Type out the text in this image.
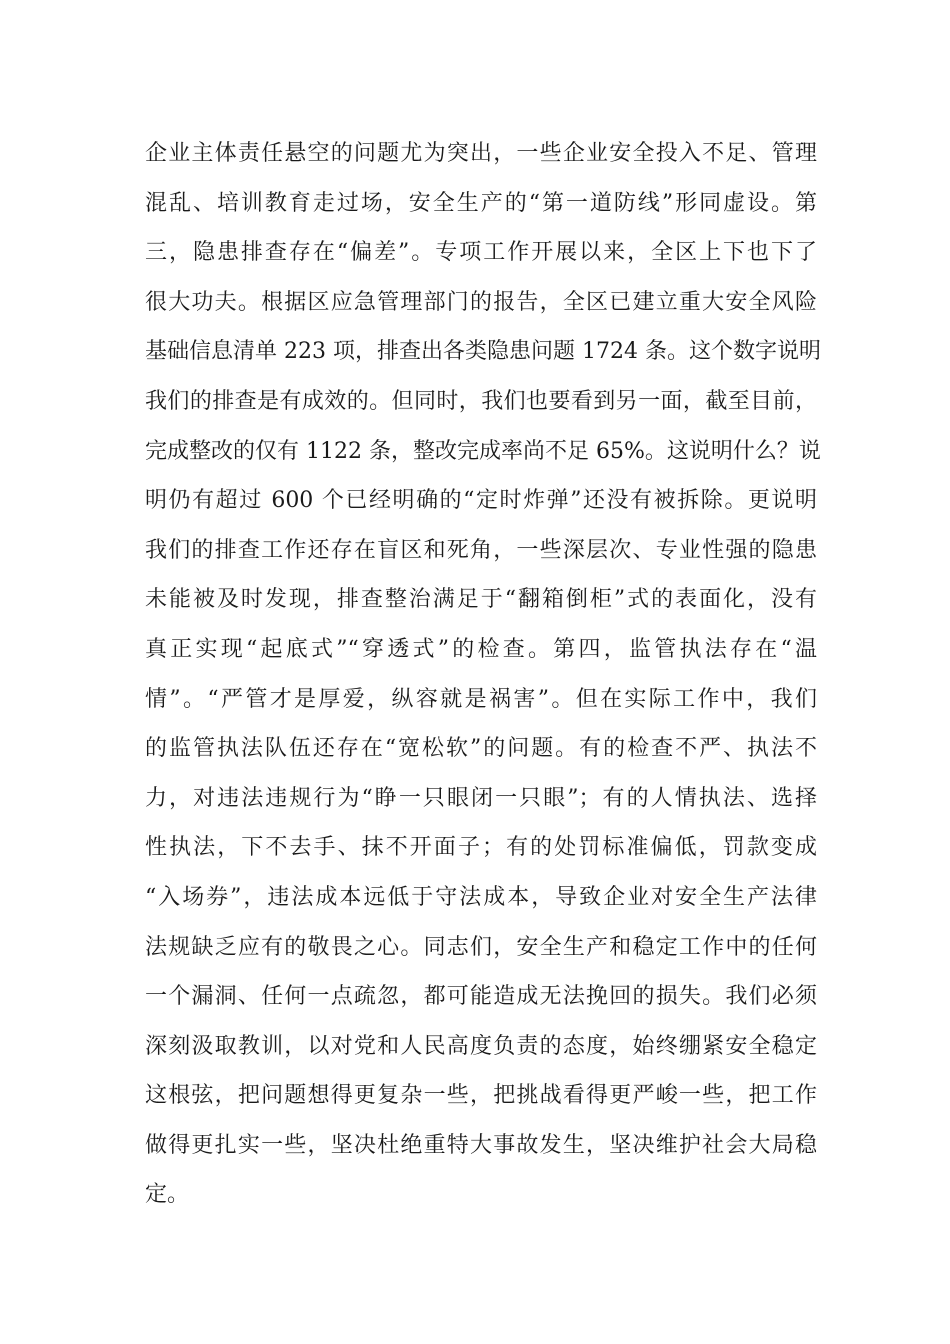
企业主体责任悬空的问题尤为突出，一些企业安全投入不足、管理
混乱、培训教育走过场，安全生产的“第一道防线”形同虚设。第
三，隐患排查存在“偏差”。专项工作开展以来，全区上下也下了
很大功夫。根据区应急管理部门的报告，全区已建立重大安全风险
基础信息清单 223 项，排查出各类隐患问题 1724 条。这个数字说明
我们的排查是有成效的。但同时，我们也要看到另一面，截至目前，
完成整改的仅有 1122 条，整改完成率尚不足 65%。这说明什么？说
明仍有超过 600 个已经明确的“定时炸弹”还没有被拆除。更说明
我们的排查工作还存在盲区和死角，一些深层次、专业性强的隐患
未能被及时发现，排查整治满足于“翻箱倒柜”式的表面化，没有
真正实现“起底式”“穿透式”的检查。第四，监管执法存在“温
情”。“严管才是厚爱，纵容就是祸害”。但在实际工作中，我们
的监管执法队伍还存在“宽松软”的问题。有的检查不严、执法不
力，对违法违规行为“睁一只眼闭一只眼”；有的人情执法、选择
性执法，下不去手、抹不开面子；有的处罚标准偏低，罚款变成
“入场券”，违法成本远低于守法成本，导致企业对安全生产法律
法规缺乏应有的敬畏之心。同志们，安全生产和稳定工作中的任何
一个漏洞、任何一点疏忽，都可能造成无法挽回的损失。我们必须
深刻汲取教训，以对党和人民高度负责的态度，始终绷紧安全稳定
这根弦，把问题想得更复杂一些，把挑战看得更严峻一些，把工作
做得更扎实一些，坚决杜绝重特大事故发生，坚决维护社会大局稳
定。
